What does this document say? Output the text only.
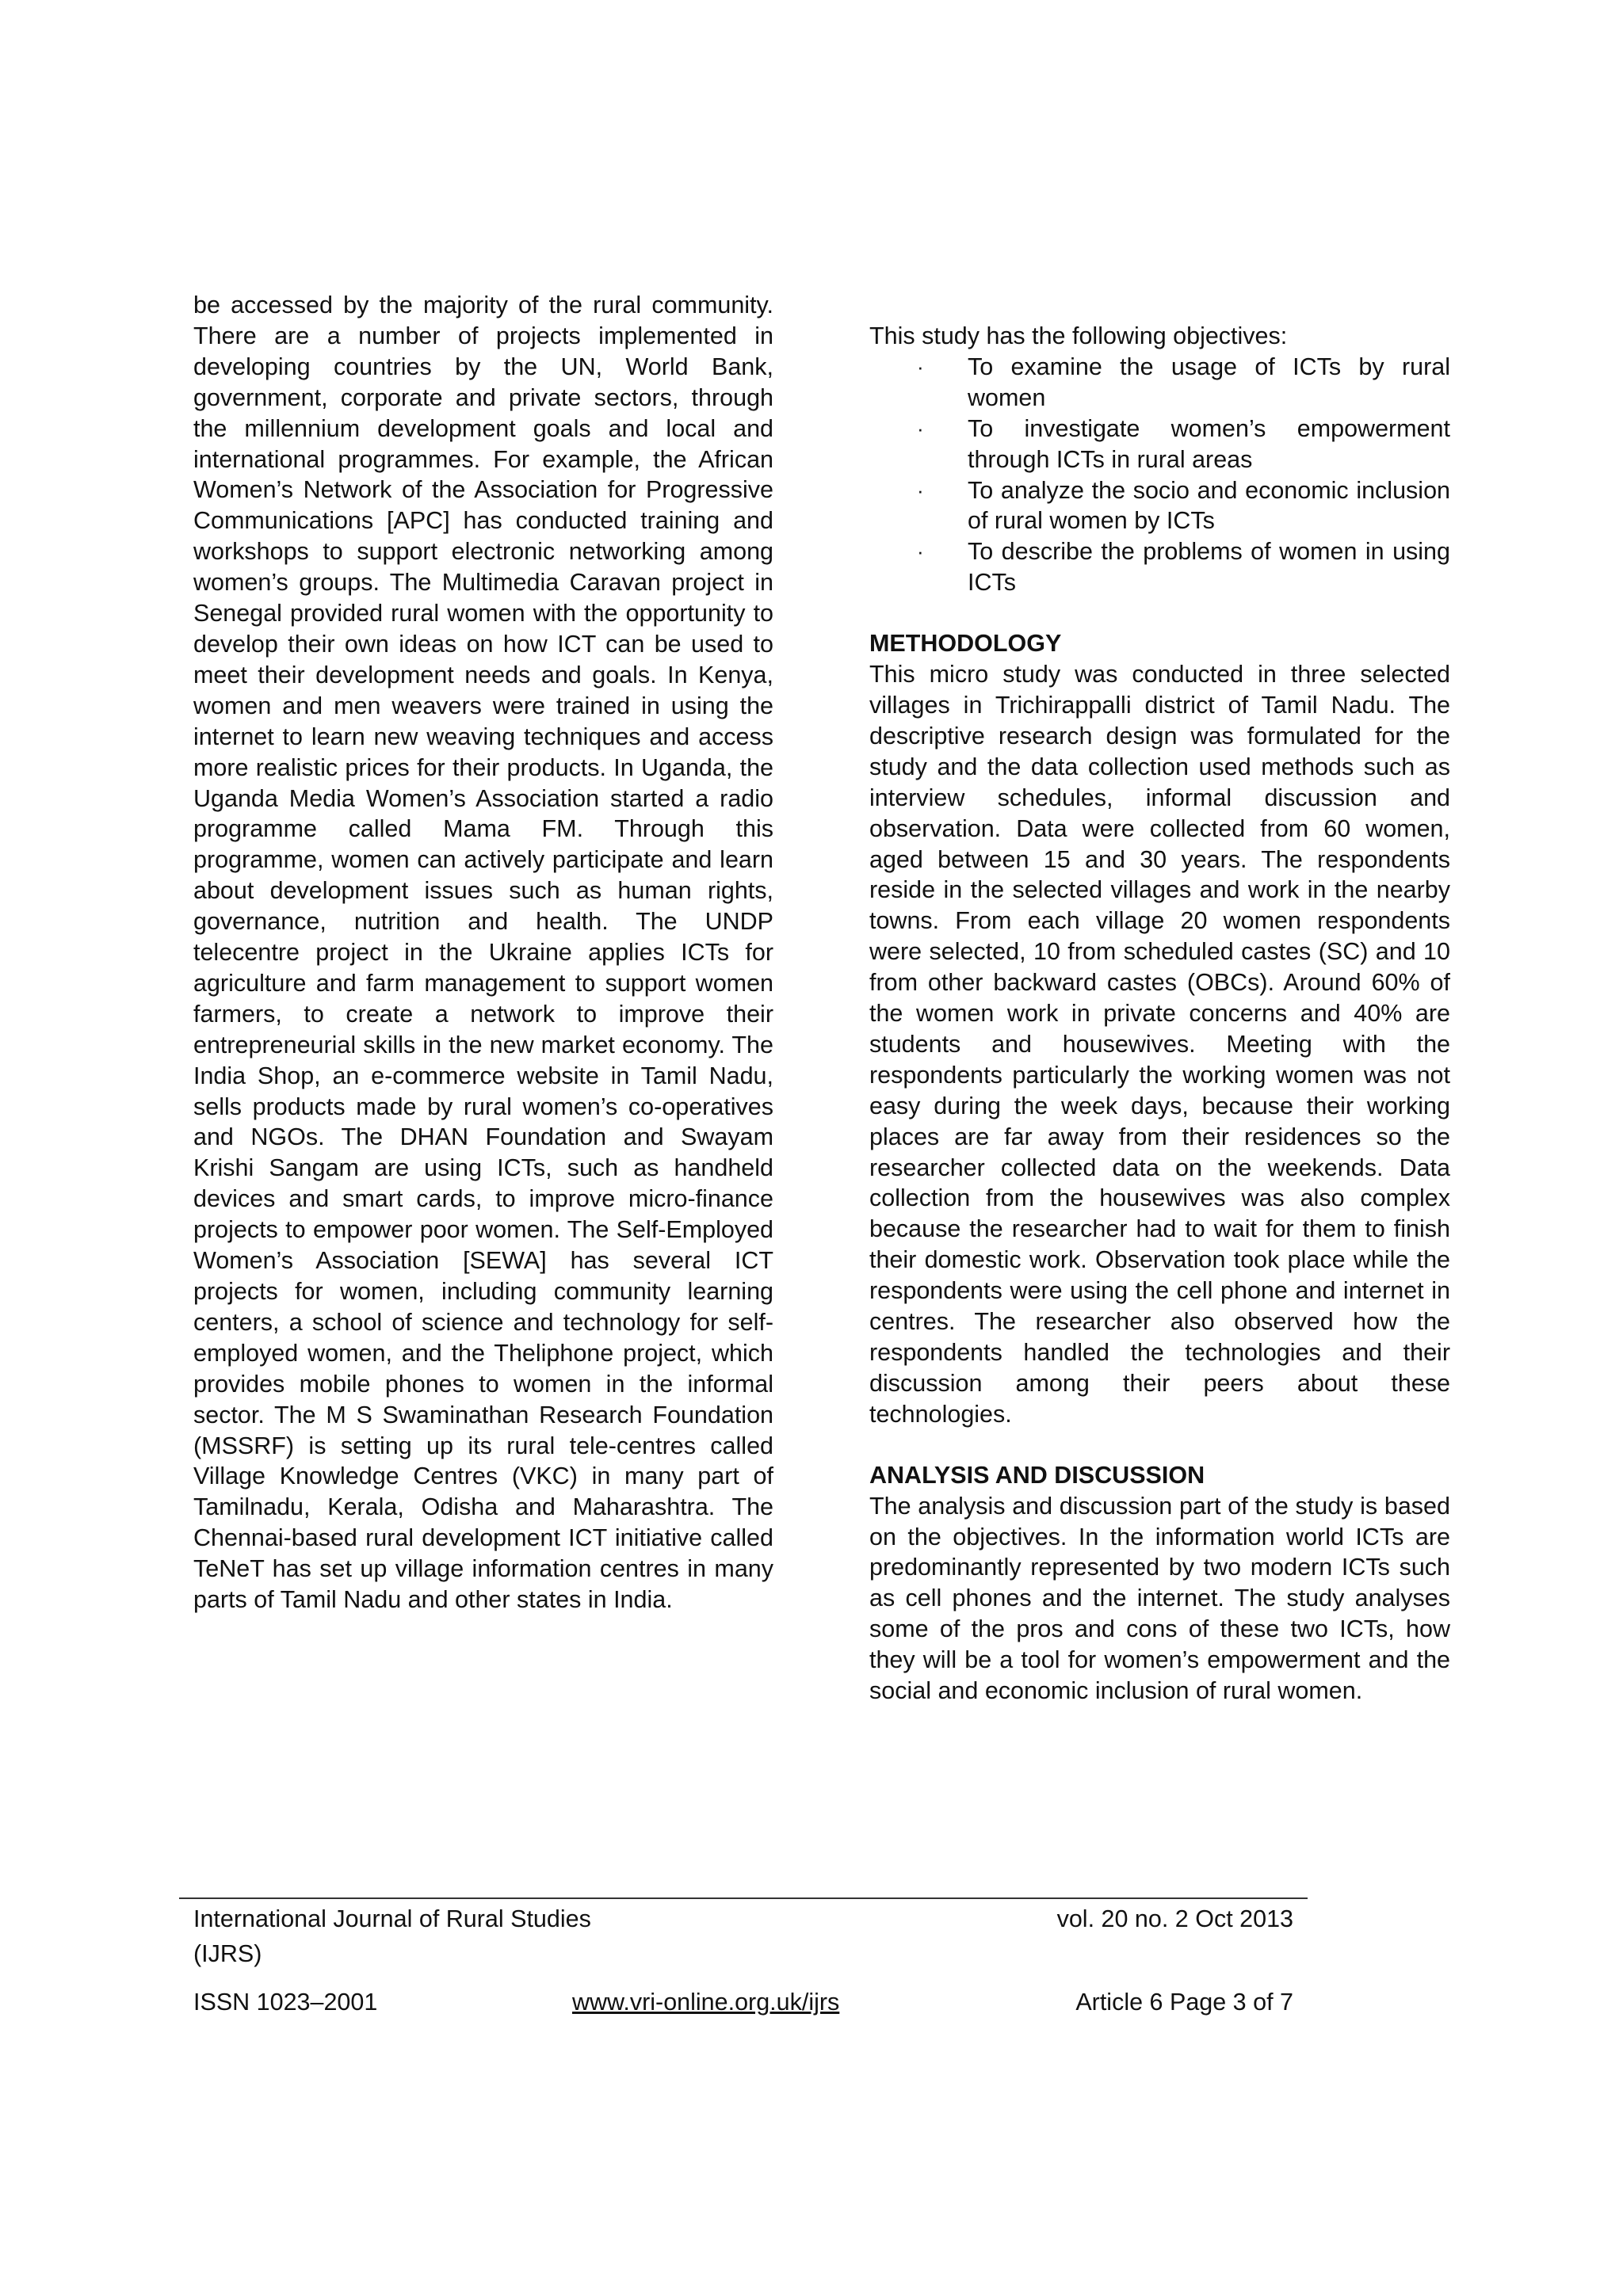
be accessed by the majority of the rural community. There are a number of projects implemented in developing countries by the UN, World Bank, government, corporate and private sectors, through the millennium development goals and local and international programmes. For example, the African Women’s Network of the Association for Progressive Communications [APC] has conducted training and workshops to support electronic networking among women’s groups. The Multimedia Caravan project in Senegal provided rural women with the opportunity to develop their own ideas on how ICT can be used to meet their development needs and goals. In Kenya, women and men weavers were trained in using the internet to learn new weaving techniques and access more realistic prices for their products. In Uganda, the Uganda Media Women’s Association started a radio programme called Mama FM. Through this programme, women can actively participate and learn about development issues such as human rights, governance, nutrition and health. The UNDP telecentre project in the Ukraine applies ICTs for agriculture and farm management to support women farmers, to create a network to improve their entrepreneurial skills in the new market economy. The India Shop, an e-commerce website in Tamil Nadu, sells products made by rural women’s co-operatives and NGOs. The DHAN Foundation and Swayam Krishi Sangam are using ICTs, such as handheld devices and smart cards, to improve micro-finance projects to empower poor women. The Self-Employed Women’s Association [SEWA] has several ICT projects for women, including community learning centers, a school of science and technology for self-employed women, and the Theliphone project, which provides mobile phones to women in the informal sector. The M S Swaminathan Research Foundation (MSSRF) is setting up its rural tele-centres called Village Knowledge Centres (VKC) in many part of Tamilnadu, Kerala, Odisha and Maharashtra. The Chennai-based rural development ICT initiative called TeNeT has set up village information centres in many parts of Tamil Nadu and other states in India.

This study has the following objectives:

· To examine the usage of ICTs by rural women
· To investigate women’s empowerment through ICTs in rural areas
· To analyze the socio and economic inclusion of rural women by ICTs
· To describe the problems of women in using ICTs

METHODOLOGY

This micro study was conducted in three selected villages in Trichirappalli district of Tamil Nadu. The descriptive research design was formulated for the study and the data collection used methods such as interview schedules, informal discussion and observation. Data were collected from 60 women, aged between 15 and 30 years. The respondents reside in the selected villages and work in the nearby towns. From each village 20 women respondents were selected, 10 from scheduled castes (SC) and 10 from other backward castes (OBCs). Around 60% of the women work in private concerns and 40% are students and housewives. Meeting with the respondents particularly the working women was not easy during the week days, because their working places are far away from their residences so the researcher collected data on the weekends. Data collection from the housewives was also complex because the researcher had to wait for them to finish their domestic work. Observation took place while the respondents were using the cell phone and internet in centres. The researcher also observed how the respondents handled the technologies and their discussion among their peers about these technologies.

ANALYSIS AND DISCUSSION

The analysis and discussion part of the study is based on the objectives. In the information world ICTs are predominantly represented by two modern ICTs such as cell phones and the internet. The study analyses some of the pros and cons of these two ICTs, how they will be a tool for women’s empowerment and the social and economic inclusion of rural women.

International Journal of Rural Studies (IJRS)
vol. 20 no. 2 Oct 2013
ISSN 1023–2001	www.vri-online.org.uk/ijrs	Article 6 Page 3 of 7
